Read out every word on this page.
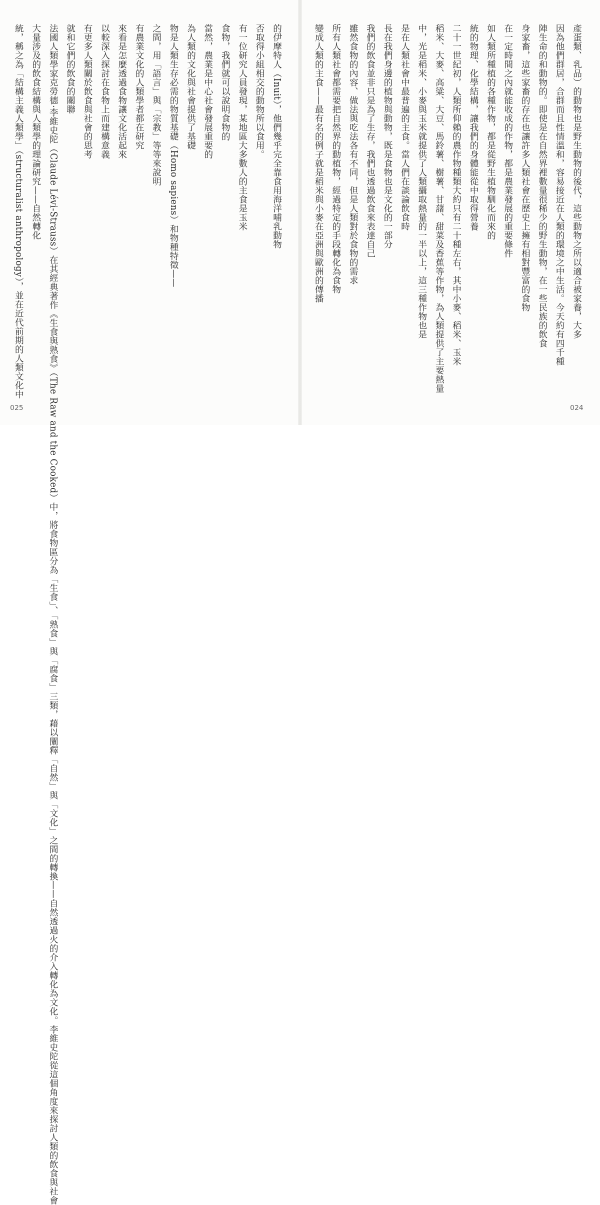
的伊摩特人（Inuit），他們幾乎完全靠食用海洋哺乳動物
否取得小組相交的動物所以食用。
有一位研究人員發現，某地區大多數人的主食是玉米
食物，我們就可以說明食物的
當然，農業是中心社會發展重要的
為人類的文化與社會提供了基礎
物是人類生存必需的物質基礎（Homo sapiens）和物種特徵——
之間，用「語言」與「宗教」等等來說明
有農業文化的人類學者都在研究
來看是怎麼透過食物讓文化活起來
以較深入探討在食物上而建構意義
有更多人類關於飲食與社會的思考
就和它們的飲食的關聯
法國人類學家克勞德·李維史陀（Claude Lévi-Strauss）在其經典著作《生食與熟食》（The Raw and the Cooked）中，將食物區分為「生食」、「熟食」與「腐食」三類，藉以闡釋「自然」與「文化」之間的轉換——自然透過火的介入轉化為文化。李維史陀從這個角度來探討人類的飲食與社會
大量涉及的飲食結構與人類學的理論研究——自然轉化
統，稱之為「結構主義人類學」（structuralist anthropology），並在近代前期的人類文化中
025
產蛋類、乳品）的動物也是野生動物的後代，這些動物之所以適合被家養，大多
因為他們群居，合群而且性情溫和，容易接近在人類的環境之中生活。今天約有四千種
陣生命的和動物的。即使是在自然界裡數量很稀少的野生動物，在一些民族的飲食
身家畜，這些家畜的存在也讓許多人類社會在歷史上擁有相對豐富的食物
在一定時間之內就能收成的作物，都是農業發展的重要條件
如人類所種植的各種作物，都是從野生植物馴化而來的
統的物理、化學結構，讓我們的身體能從中取得營養
二十一世紀初，人類所仰賴的農作物種類大約只有二十種左右，其中小麥、稻米、玉米
稻米、大麥、高粱、大豆、馬鈴薯、樹薯、甘藷、甜菜及香蕉等作物，為人類提供了主要熱量
中，光是稻米、小麥與玉米就提供了人類攝取熱量的一半以上，這三種作物也是
是在人類社會中最普遍的主食。當人們在談論飲食時
長在我們身邊的植物與動物，既是食物也是文化的一部分
我們的飲食並非只是為了生存，我們也透過飲食來表達自己
雖然食物的內容、做法與吃法各有不同，但是人類對於食物的需求
所有人類社會都需要把自然界的動植物，經過特定的手段轉化為食物
變成人類的主食——最有名的例子就是稻米與小麥在亞洲與歐洲的傳播
024
